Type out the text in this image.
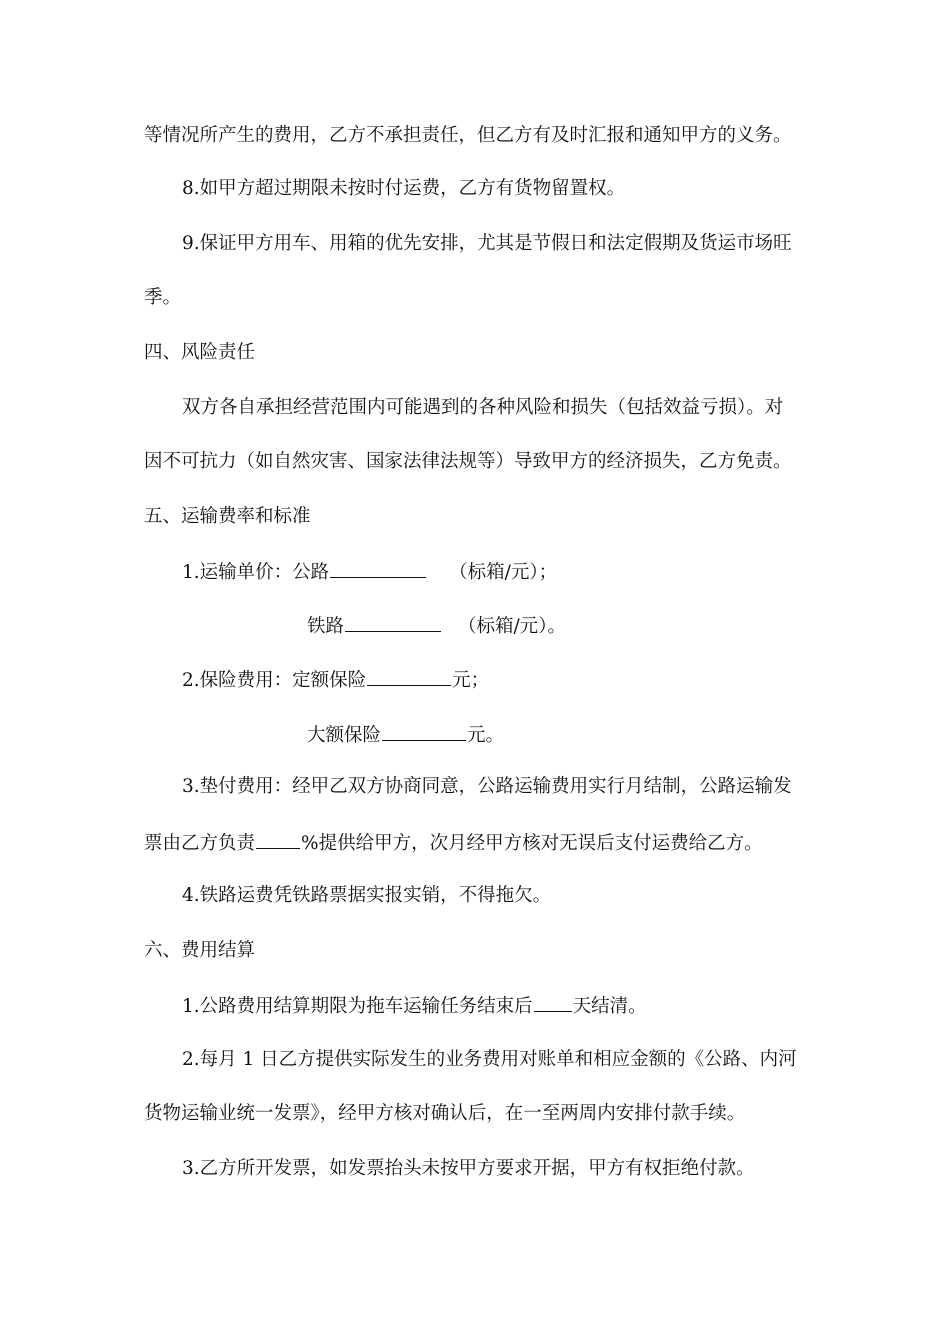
等情况所产生的费用，乙方不承担责任，但乙方有及时汇报和通知甲方的义务。
8.如甲方超过期限未按时付运费，乙方有货物留置权。
9.保证甲方用车、用箱的优先安排，尤其是节假日和法定假期及货运市场旺
季。
四、风险责任
双方各自承担经营范围内可能遇到的各种风险和损失（包括效益亏损）。对
因不可抗力（如自然灾害、国家法律法规等）导致甲方的经济损失，乙方免责。
五、运输费率和标准
1.运输单价：公路	（标箱/元）；
铁路	（标箱/元）。
2.保险费用：定额保险	元；
大额保险	元。
3.垫付费用：经甲乙双方协商同意，公路运输费用实行月结制，公路运输发
票由乙方负责 %提供给甲方，次月经甲方核对无误后支付运费给乙方。
4.铁路运费凭铁路票据实报实销，不得拖欠。
六、费用结算
1.公路费用结算期限为拖车运输任务结束后 天结清。
2.每月 1 日乙方提供实际发生的业务费用对账单和相应金额的《公路、内河
货物运输业统一发票》，经甲方核对确认后，在一至两周内安排付款手续。
3.乙方所开发票，如发票抬头未按甲方要求开据，甲方有权拒绝付款。
